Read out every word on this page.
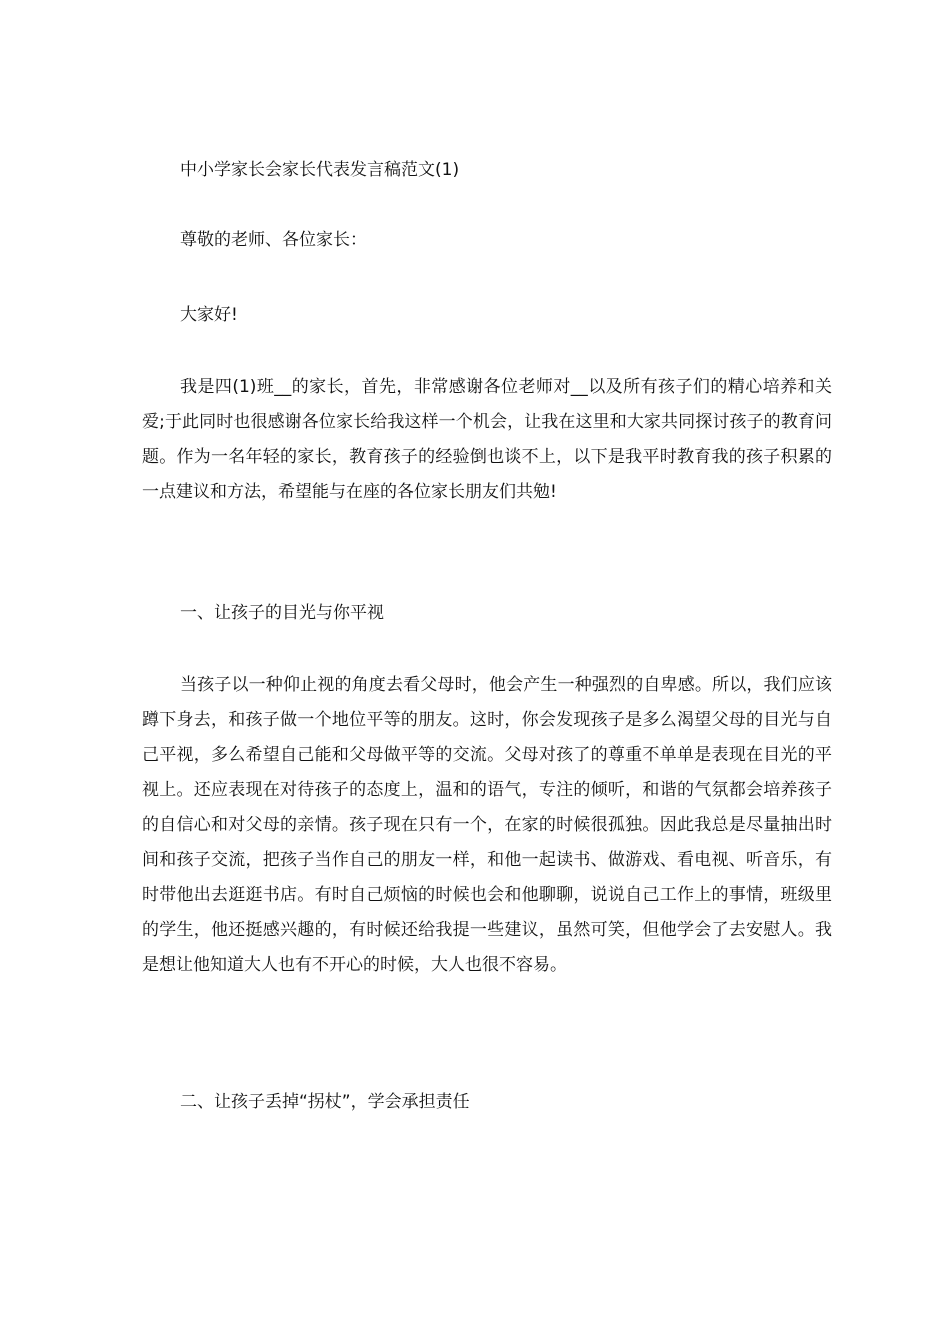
中小学家长会家长代表发言稿范文(1)
尊敬的老师、各位家长：
大家好!

我是四(1)班__的家长，首先，非常感谢各位老师对__以及所有孩子们的精心培养和关爱;于此同时也很感谢各位家长给我这样一个机会，让我在这里和大家共同探讨孩子的教育问题。作为一名年轻的家长，教育孩子的经验倒也谈不上，以下是我平时教育我的孩子积累的一点建议和方法，希望能与在座的各位家长朋友们共勉!

一、让孩子的目光与你平视

当孩子以一种仰止视的角度去看父母时，他会产生一种强烈的自卑感。所以，我们应该蹲下身去，和孩子做一个地位平等的朋友。这时，你会发现孩子是多么渴望父母的目光与自己平视，多么希望自己能和父母做平等的交流。父母对孩了的尊重不单单是表现在目光的平视上。还应表现在对待孩子的态度上，温和的语气，专注的倾听，和谐的气氛都会培养孩子的自信心和对父母的亲情。孩子现在只有一个，在家的时候很孤独。因此我总是尽量抽出时间和孩子交流，把孩子当作自己的朋友一样，和他一起读书、做游戏、看电视、听音乐，有时带他出去逛逛书店。有时自己烦恼的时候也会和他聊聊，说说自己工作上的事情，班级里的学生，他还挺感兴趣的，有时候还给我提一些建议，虽然可笑，但他学会了去安慰人。我是想让他知道大人也有不开心的时候，大人也很不容易。

二、让孩子丢掉“拐杖”，学会承担责任
